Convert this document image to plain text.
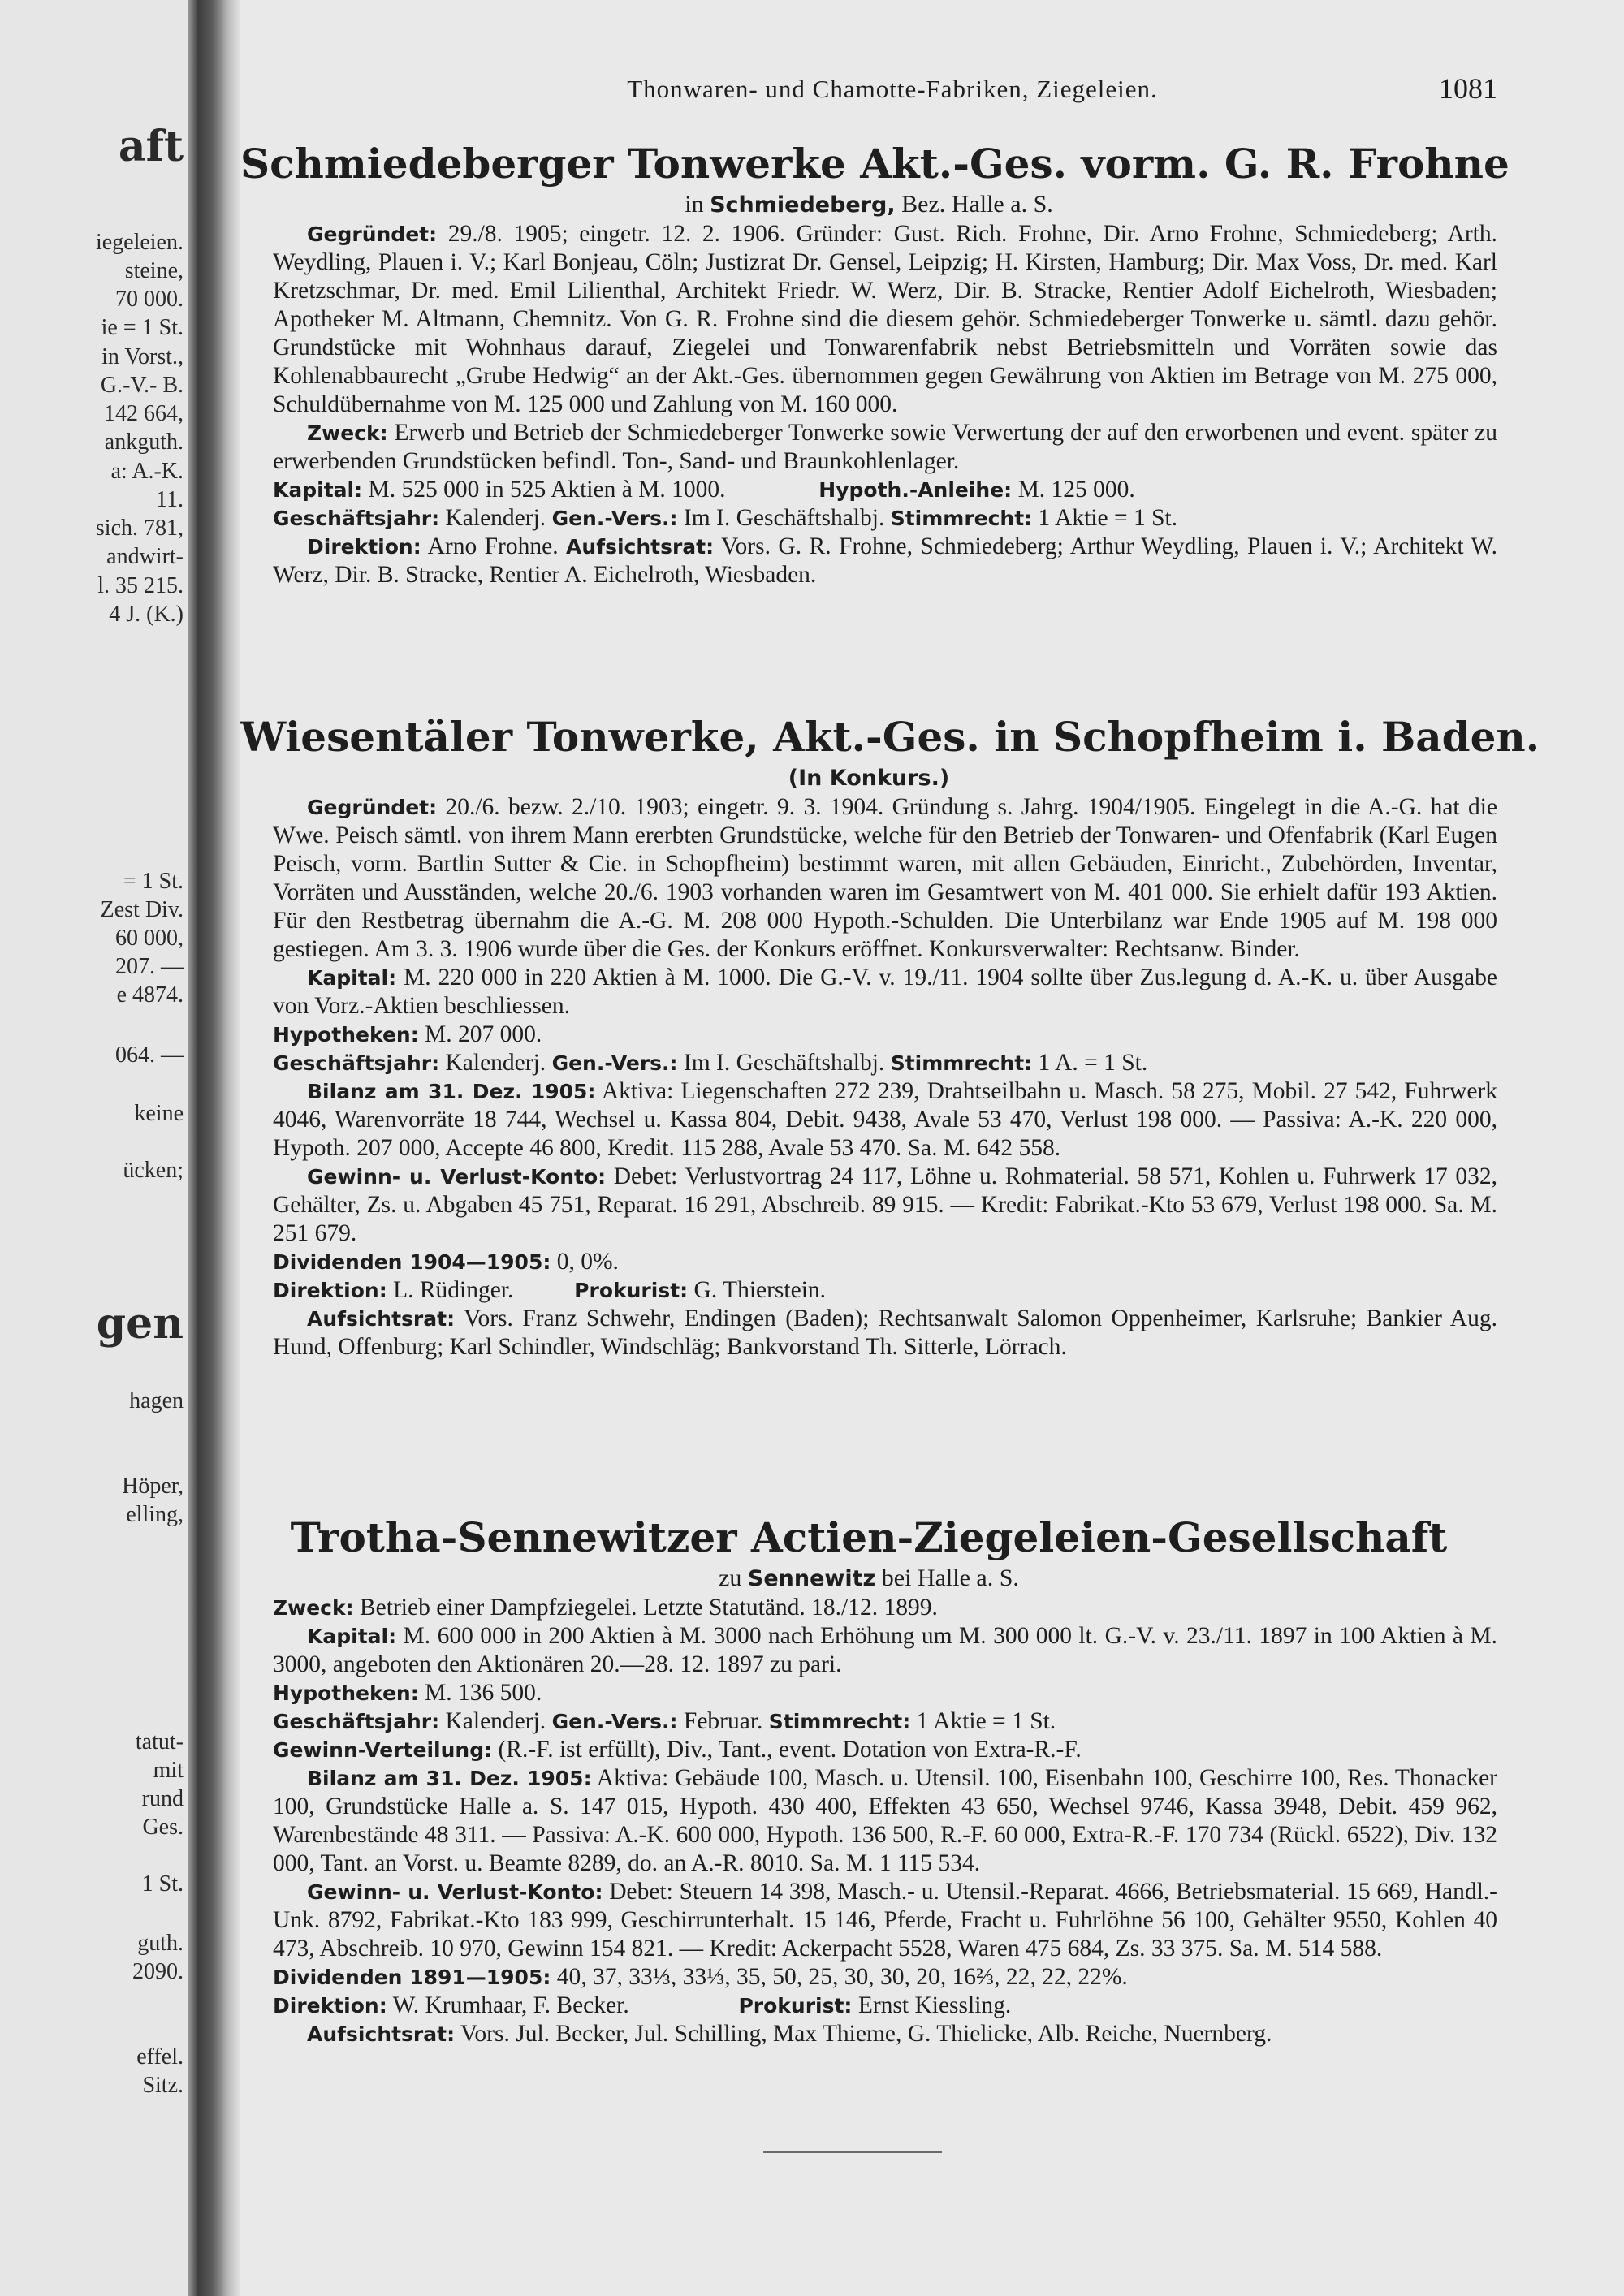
aft
iegeleien.
steine,
70 000.
ie = 1 St.
in Vorst.,
G.-V.- B.
142 664,
ankguth.
a: A.-K.
11.
sich. 781,
andwirt-
l. 35 215.
4 J. (K.)
= 1 St.
Zest Div.
60 000,
207. —
e 4874.
064. —
keine
ücken;
gen
hagen
Höper,
elling,
tatut-
mit
rund
Ges.
1 St.
guth.
2090.
effel.
Sitz.
Thonwaren- und Chamotte-Fabriken, Ziegeleien.	1081
Schmiedeberger Tonwerke Akt.-Ges. vorm. G. R. Frohne
in Schmiedeberg, Bez. Halle a. S.

Gegründet: 29./8. 1905; eingetr. 12. 2. 1906. Gründer: Gust. Rich. Frohne, Dir. Arno Frohne, Schmiedeberg; Arth. Weydling, Plauen i. V.; Karl Bonjeau, Cöln; Justizrat Dr. Gensel, Leipzig; H. Kirsten, Hamburg; Dir. Max Voss, Dr. med. Karl Kretzschmar, Dr. med. Emil Lilienthal, Architekt Friedr. W. Werz, Dir. B. Stracke, Rentier Adolf Eichelroth, Wiesbaden; Apotheker M. Altmann, Chemnitz. Von G. R. Frohne sind die diesem gehör. Schmiedeberger Tonwerke u. sämtl. dazu gehör. Grundstücke mit Wohnhaus darauf, Ziegelei und Tonwarenfabrik nebst Betriebsmitteln und Vorräten sowie das Kohlenabbaurecht „Grube Hedwig“ an der Akt.-Ges. übernommen gegen Gewährung von Aktien im Betrage von M. 275 000, Schuldübernahme von M. 125 000 und Zahlung von M. 160 000.

Zweck: Erwerb und Betrieb der Schmiedeberger Tonwerke sowie Verwertung der auf den erworbenen und event. später zu erwerbenden Grundstücken befindl. Ton-, Sand- und Braunkohlenlager.

Kapital: M. 525 000 in 525 Aktien à M. 1000.	Hypoth.-Anleihe: M. 125 000.
Geschäftsjahr: Kalenderj. Gen.-Vers.: Im I. Geschäftshalbj. Stimmrecht: 1 Aktie = 1 St.

Direktion: Arno Frohne. Aufsichtsrat: Vors. G. R. Frohne, Schmiedeberg; Arthur Weydling, Plauen i. V.; Architekt W. Werz, Dir. B. Stracke, Rentier A. Eichelroth, Wiesbaden.

Wiesentäler Tonwerke, Akt.-Ges. in Schopfheim i. Baden.
(In Konkurs.)

Gegründet: 20./6. bezw. 2./10. 1903; eingetr. 9. 3. 1904. Gründung s. Jahrg. 1904/1905. Eingelegt in die A.-G. hat die Wwe. Peisch sämtl. von ihrem Mann ererbten Grundstücke, welche für den Betrieb der Tonwaren- und Ofenfabrik (Karl Eugen Peisch, vorm. Bartlin Sutter & Cie. in Schopfheim) bestimmt waren, mit allen Gebäuden, Einricht., Zubehörden, Inventar, Vorräten und Ausständen, welche 20./6. 1903 vorhanden waren im Gesamtwert von M. 401 000. Sie erhielt dafür 193 Aktien. Für den Restbetrag übernahm die A.-G. M. 208 000 Hypoth.-Schulden. Die Unterbilanz war Ende 1905 auf M. 198 000 gestiegen. Am 3. 3. 1906 wurde über die Ges. der Konkurs eröffnet. Konkursverwalter: Rechtsanw. Binder.

Kapital: M. 220 000 in 220 Aktien à M. 1000. Die G.-V. v. 19./11. 1904 sollte über Zus.legung d. A.-K. u. über Ausgabe von Vorz.-Aktien beschliessen.

Hypotheken: M. 207 000.
Geschäftsjahr: Kalenderj. Gen.-Vers.: Im I. Geschäftshalbj. Stimmrecht: 1 A. = 1 St.

Bilanz am 31. Dez. 1905: Aktiva: Liegenschaften 272 239, Drahtseilbahn u. Masch. 58 275, Mobil. 27 542, Fuhrwerk 4046, Warenvorräte 18 744, Wechsel u. Kassa 804, Debit. 9438, Avale 53 470, Verlust 198 000. — Passiva: A.-K. 220 000, Hypoth. 207 000, Accepte 46 800, Kredit. 115 288, Avale 53 470. Sa. M. 642 558.

Gewinn- u. Verlust-Konto: Debet: Verlustvortrag 24 117, Löhne u. Rohmaterial. 58 571, Kohlen u. Fuhrwerk 17 032, Gehälter, Zs. u. Abgaben 45 751, Reparat. 16 291, Abschreib. 89 915. — Kredit: Fabrikat.-Kto 53 679, Verlust 198 000. Sa. M. 251 679.

Dividenden 1904—1905: 0, 0%.
Direktion: L. Rüdinger.	Prokurist: G. Thierstein.

Aufsichtsrat: Vors. Franz Schwehr, Endingen (Baden); Rechtsanwalt Salomon Oppenheimer, Karlsruhe; Bankier Aug. Hund, Offenburg; Karl Schindler, Windschläg; Bankvorstand Th. Sitterle, Lörrach.

Trotha-Sennewitzer Actien-Ziegeleien-Gesellschaft
zu Sennewitz bei Halle a. S.
Zweck: Betrieb einer Dampfziegelei. Letzte Statutänd. 18./12. 1899.

Kapital: M. 600 000 in 200 Aktien à M. 3000 nach Erhöhung um M. 300 000 lt. G.-V. v. 23./11. 1897 in 100 Aktien à M. 3000, angeboten den Aktionären 20.—28. 12. 1897 zu pari.

Hypotheken: M. 136 500.
Geschäftsjahr: Kalenderj. Gen.-Vers.: Februar. Stimmrecht: 1 Aktie = 1 St.
Gewinn-Verteilung: (R.-F. ist erfüllt), Div., Tant., event. Dotation von Extra-R.-F.

Bilanz am 31. Dez. 1905: Aktiva: Gebäude 100, Masch. u. Utensil. 100, Eisenbahn 100, Geschirre 100, Res. Thonacker 100, Grundstücke Halle a. S. 147 015, Hypoth. 430 400, Effekten 43 650, Wechsel 9746, Kassa 3948, Debit. 459 962, Warenbestände 48 311. — Passiva: A.-K. 600 000, Hypoth. 136 500, R.-F. 60 000, Extra-R.-F. 170 734 (Rückl. 6522), Div. 132 000, Tant. an Vorst. u. Beamte 8289, do. an A.-R. 8010. Sa. M. 1 115 534.

Gewinn- u. Verlust-Konto: Debet: Steuern 14 398, Masch.- u. Utensil.-Reparat. 4666, Betriebsmaterial. 15 669, Handl.-Unk. 8792, Fabrikat.-Kto 183 999, Geschirrunterhalt. 15 146, Pferde, Fracht u. Fuhrlöhne 56 100, Gehälter 9550, Kohlen 40 473, Abschreib. 10 970, Gewinn 154 821. — Kredit: Ackerpacht 5528, Waren 475 684, Zs. 33 375. Sa. M. 514 588.

Dividenden 1891—1905: 40, 37, 33⅓, 33⅓, 35, 50, 25, 30, 30, 20, 16⅔, 22, 22, 22%.
Direktion: W. Krumhaar, F. Becker.	Prokurist: Ernst Kiessling.

Aufsichtsrat: Vors. Jul. Becker, Jul. Schilling, Max Thieme, G. Thielicke, Alb. Reiche, Nuernberg.
